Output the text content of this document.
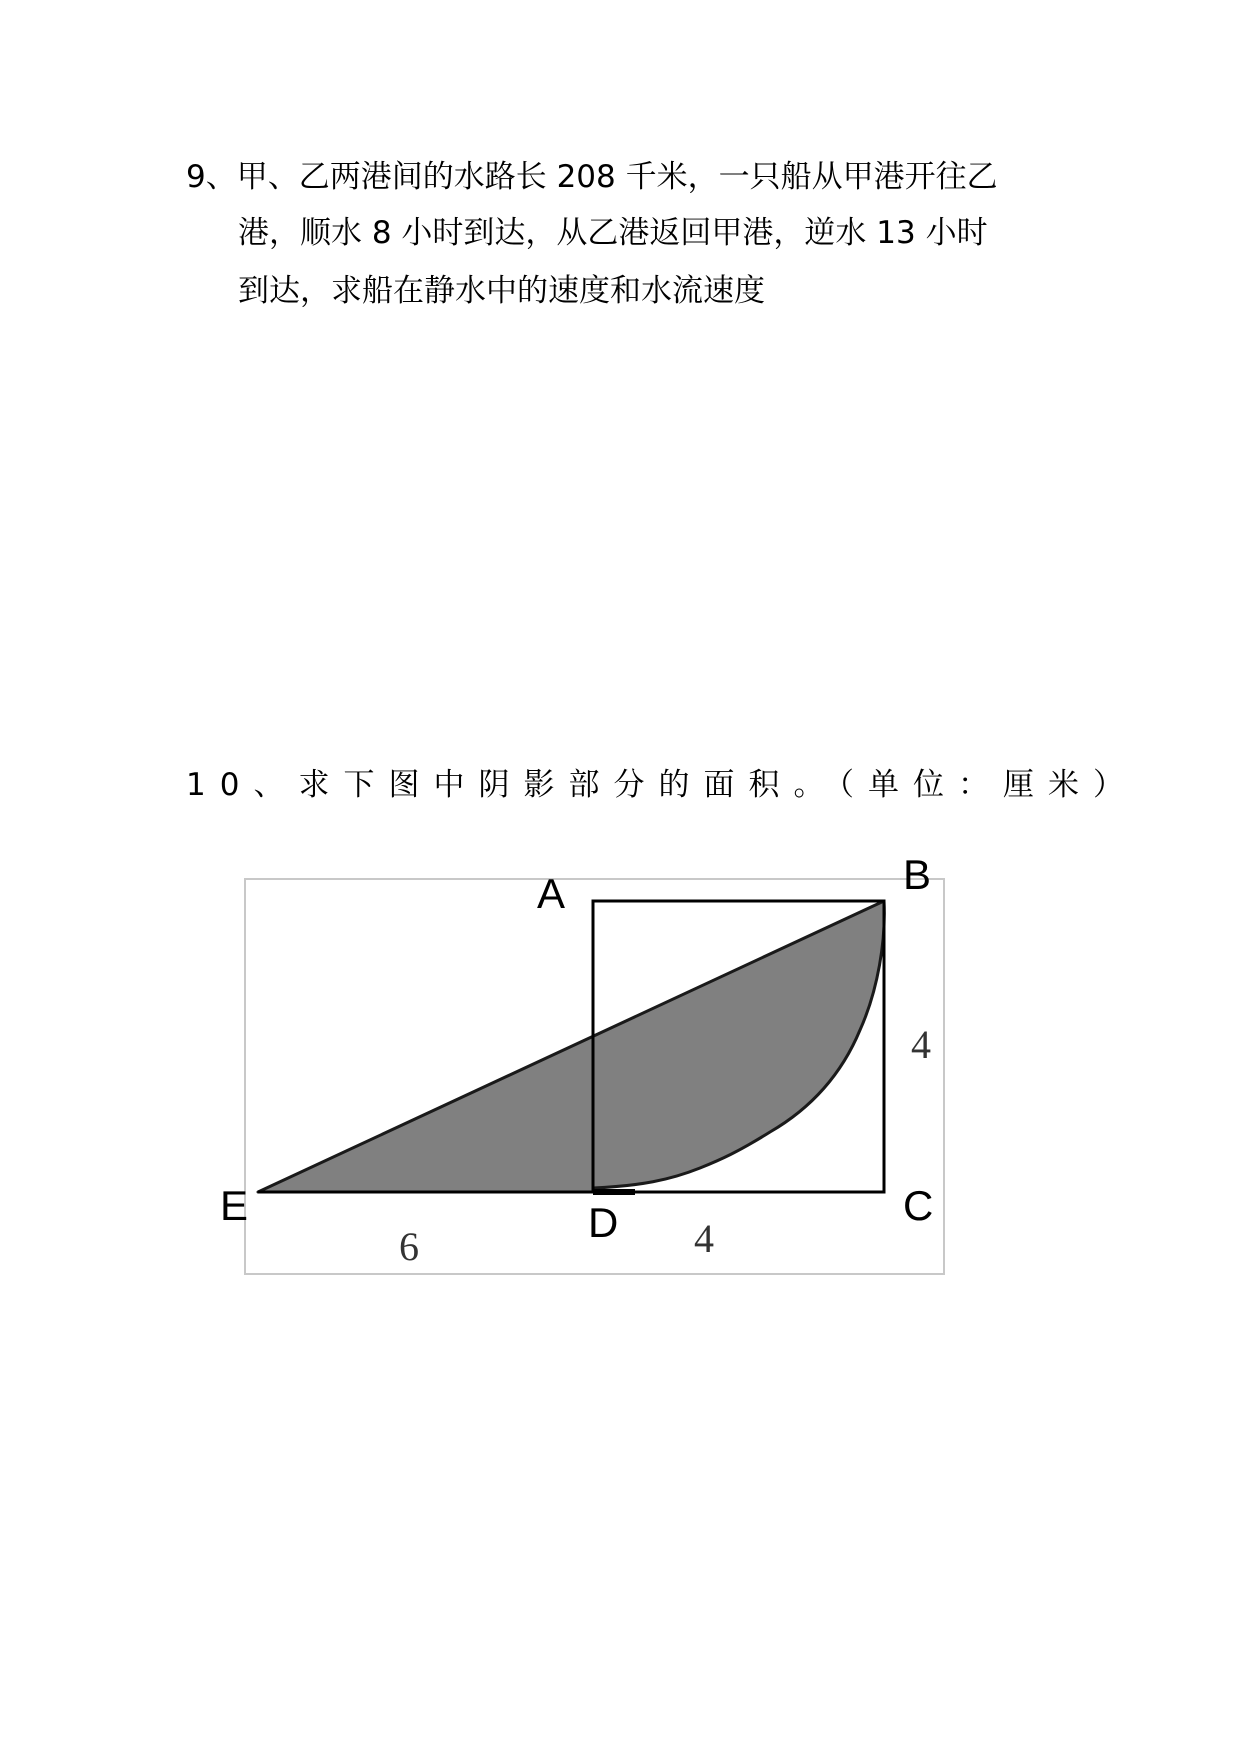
9、甲、乙两港间的水路长 208 千米，一只船从甲港开往乙
港，顺水 8 小时到达，从乙港返回甲港，逆水 13 小时
到达，求船在静水中的速度和水流速度
10、求下图中阴影部分的面积。（单位：厘米）
A	B
C
D
E
6	4
4
